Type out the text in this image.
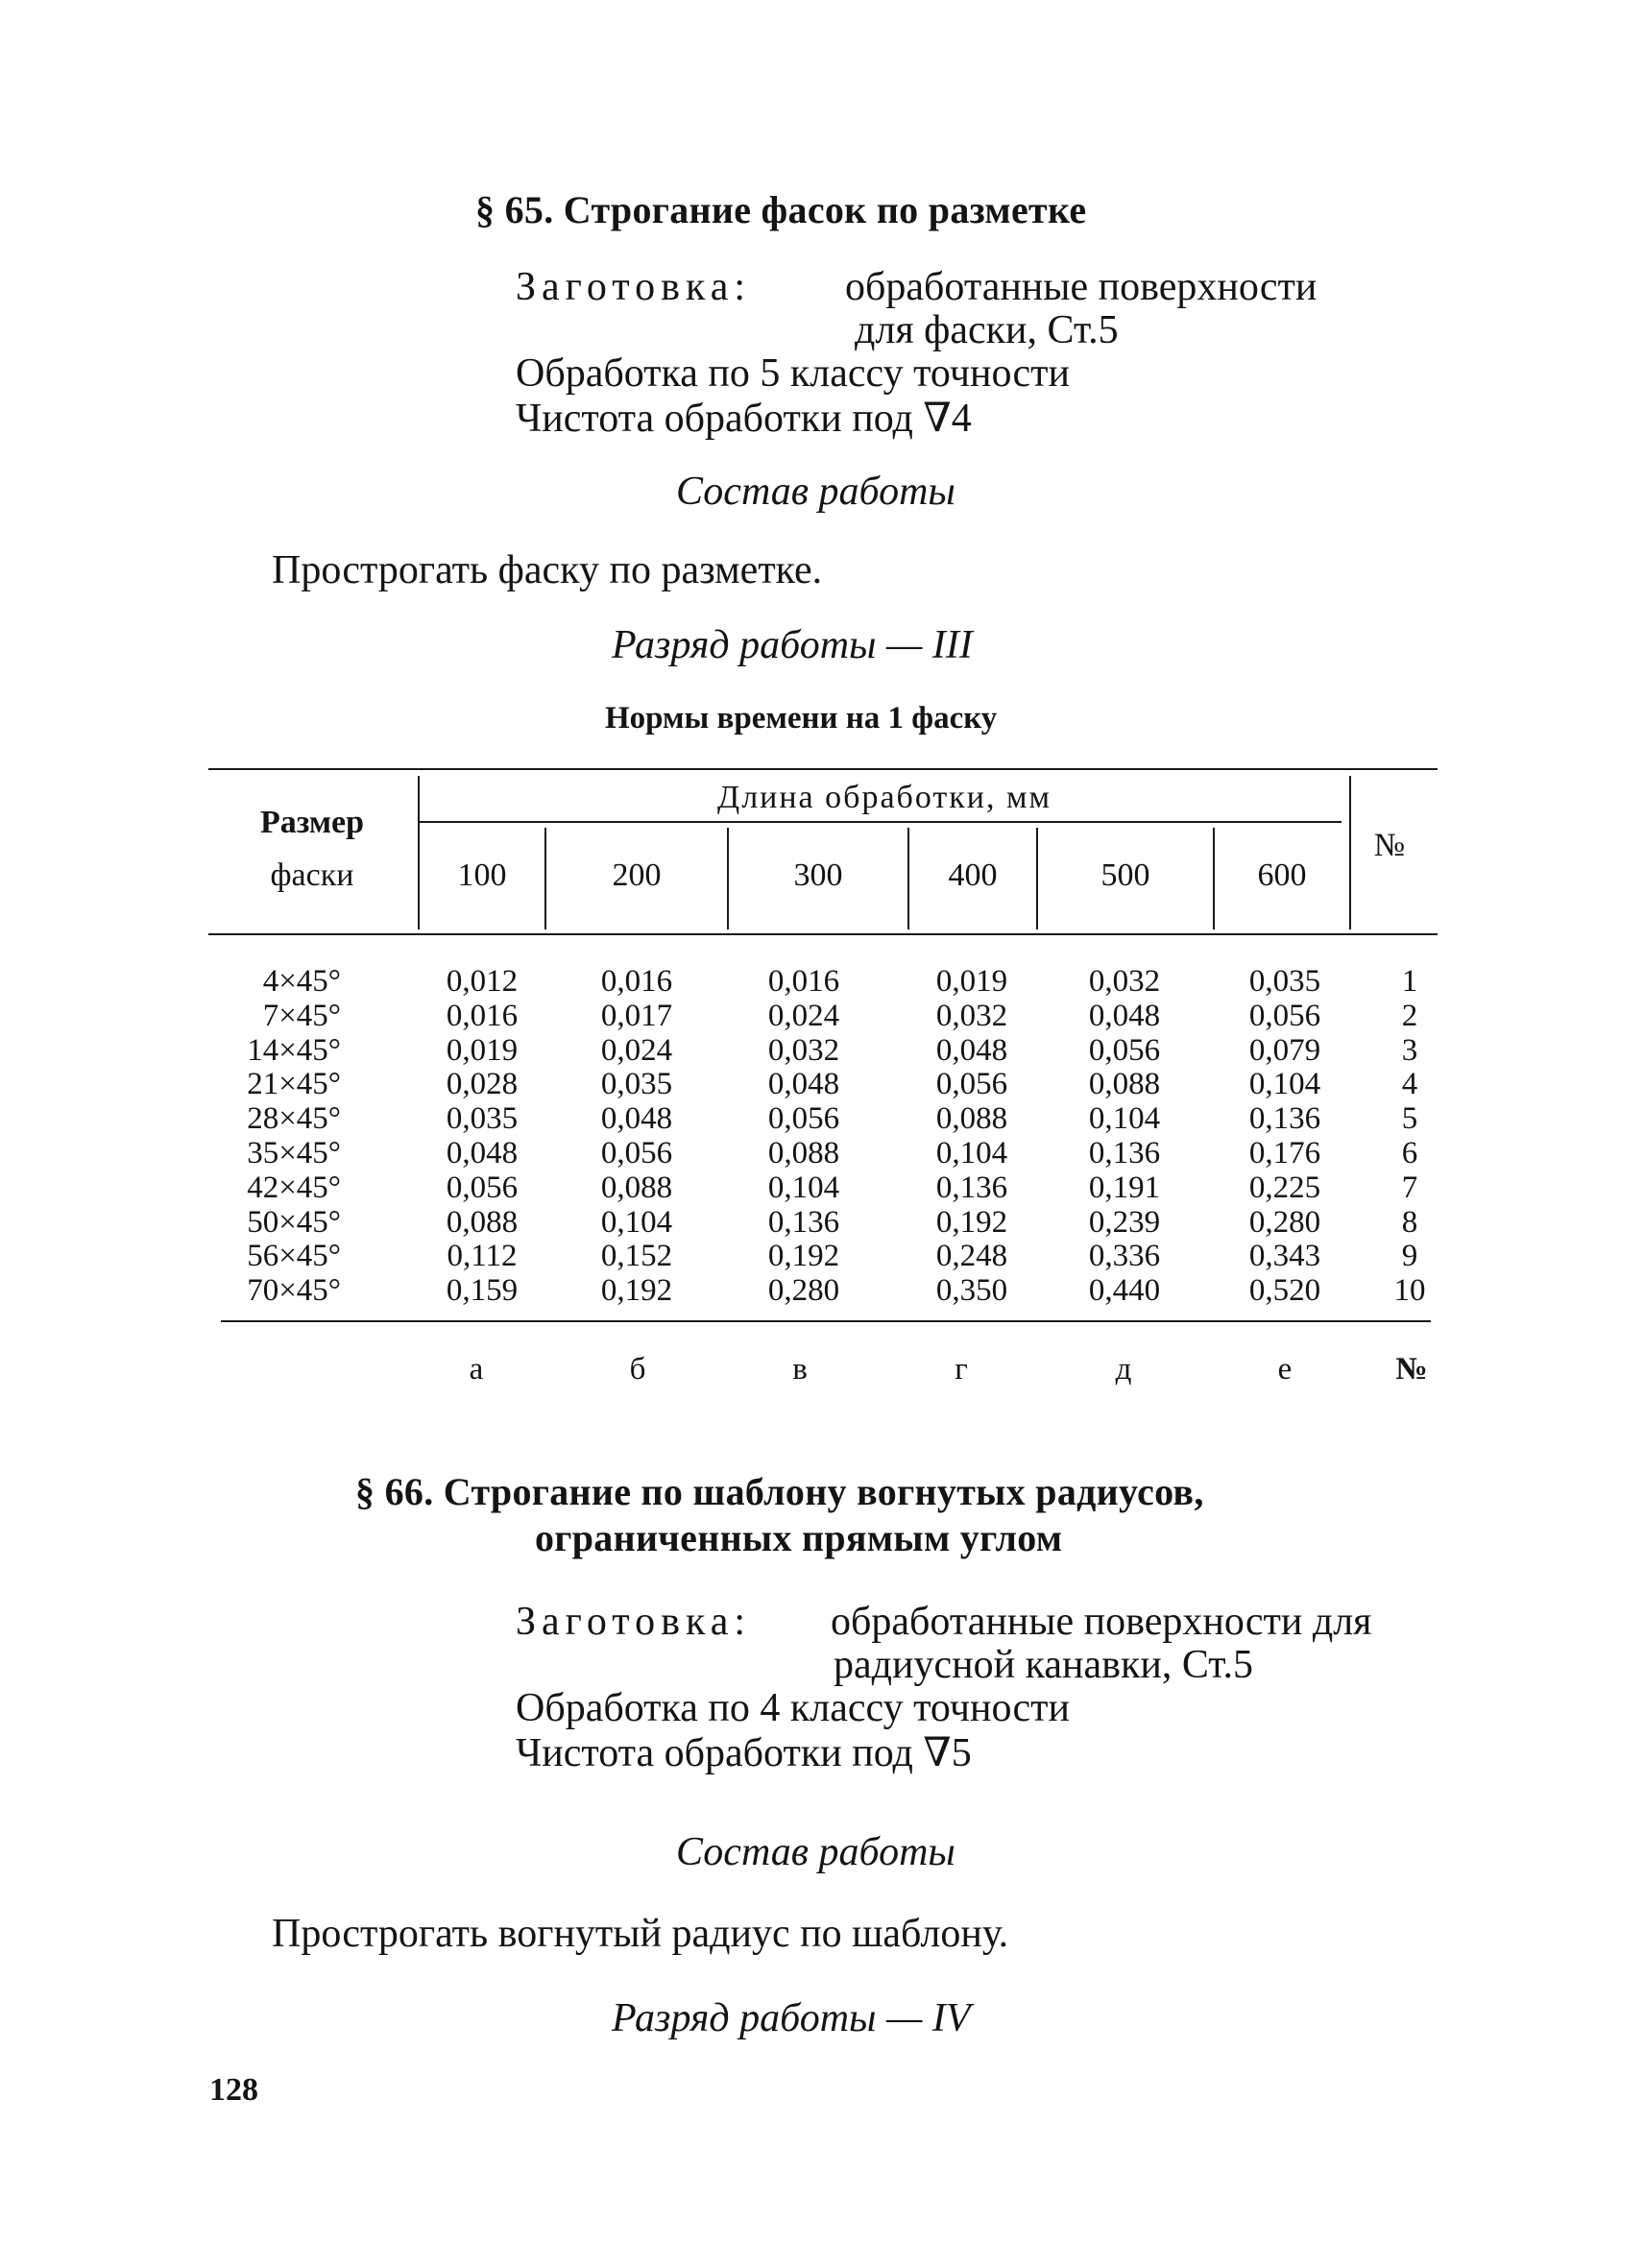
§ 65. Строгание фасок по разметке
Заготовка: обработанные поверхности
для фаски, Ст.5
Обработка по 5 классу точности
Чистота обработки под ∇4
Состав работы
Прострогать фаску по разметке.
Разряд работы — III
Нормы времени на 1 фаску
Размер
фаски
Длина обработки, мм
№
100	200	300	400	500	600
4×45°	0,012	0,016	0,016	0,019	0,032	0,035	1
7×45°	0,016	0,017	0,024	0,032	0,048	0,056	2
14×45°	0,019	0,024	0,032	0,048	0,056	0,079	3
21×45°	0,028	0,035	0,048	0,056	0,088	0,104	4
28×45°	0,035	0,048	0,056	0,088	0,104	0,136	5
35×45°	0,048	0,056	0,088	0,104	0,136	0,176	6
42×45°	0,056	0,088	0,104	0,136	0,191	0,225	7
50×45°	0,088	0,104	0,136	0,192	0,239	0,280	8
56×45°	0,112	0,152	0,192	0,248	0,336	0,343	9
70×45°	0,159	0,192	0,280	0,350	0,440	0,520	10
а	б	в	г	д	е	№
§ 66. Строгание по шаблону вогнутых радиусов,
ограниченных прямым углом
Заготовка: обработанные поверхности для
радиусной канавки, Ст.5
Обработка по 4 классу точности
Чистота обработки под ∇5
Состав работы
Прострогать вогнутый радиус по шаблону.
Разряд работы — IV
128
